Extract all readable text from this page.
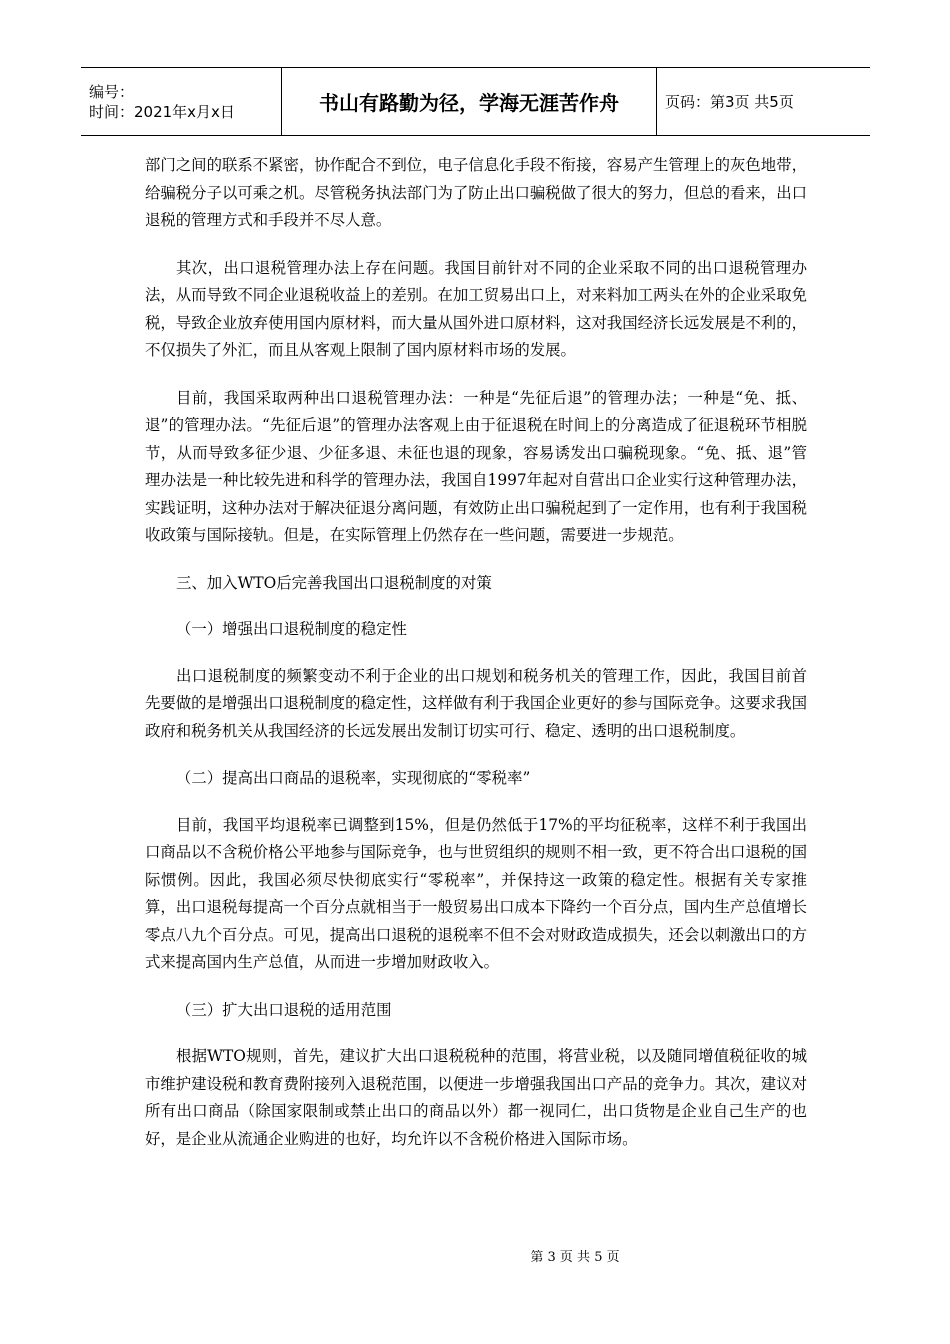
编号：
时间：2021年x月x日	书山有路勤为径，学海无涯苦作舟	页码：第3页 共5页

部门之间的联系不紧密，协作配合不到位，电子信息化手段不衔接，容易产生管理上的灰色地带，给骗税分子以可乘之机。尽管税务执法部门为了防止出口骗税做了很大的努力，但总的看来，出口退税的管理方式和手段并不尽人意。

其次，出口退税管理办法上存在问题。我国目前针对不同的企业采取不同的出口退税管理办法，从而导致不同企业退税收益上的差别。在加工贸易出口上，对来料加工两头在外的企业采取免税，导致企业放弃使用国内原材料，而大量从国外进口原材料，这对我国经济长远发展是不利的，不仅损失了外汇，而且从客观上限制了国内原材料市场的发展。

目前，我国采取两种出口退税管理办法：一种是“先征后退”的管理办法；一种是“免、抵、退”的管理办法。“先征后退”的管理办法客观上由于征退税在时间上的分离造成了征退税环节相脱节，从而导致多征少退、少征多退、未征也退的现象，容易诱发出口骗税现象。“免、抵、退”管理办法是一种比较先进和科学的管理办法，我国自1997年起对自营出口企业实行这种管理办法，实践证明，这种办法对于解决征退分离问题，有效防止出口骗税起到了一定作用，也有利于我国税收政策与国际接轨。但是，在实际管理上仍然存在一些问题，需要进一步规范。

三、加入WTO后完善我国出口退税制度的对策

（一）增强出口退税制度的稳定性

出口退税制度的频繁变动不利于企业的出口规划和税务机关的管理工作，因此，我国目前首先要做的是增强出口退税制度的稳定性，这样做有利于我国企业更好的参与国际竞争。这要求我国政府和税务机关从我国经济的长远发展出发制订切实可行、稳定、透明的出口退税制度。

（二）提高出口商品的退税率，实现彻底的“零税率”

目前，我国平均退税率已调整到15%，但是仍然低于17%的平均征税率，这样不利于我国出口商品以不含税价格公平地参与国际竞争，也与世贸组织的规则不相一致，更不符合出口退税的国际惯例。因此，我国必须尽快彻底实行“零税率”，并保持这一政策的稳定性。根据有关专家推算，出口退税每提高一个百分点就相当于一般贸易出口成本下降约一个百分点，国内生产总值增长零点八九个百分点。可见，提高出口退税的退税率不但不会对财政造成损失，还会以刺激出口的方式来提高国内生产总值，从而进一步增加财政收入。

（三）扩大出口退税的适用范围

根据WTO规则，首先，建议扩大出口退税税种的范围，将营业税，以及随同增值税征收的城市维护建设税和教育费附接列入退税范围，以便进一步增强我国出口产品的竞争力。其次，建议对所有出口商品（除国家限制或禁止出口的商品以外）都一视同仁，出口货物是企业自己生产的也好，是企业从流通企业购进的也好，均允许以不含税价格进入国际市场。

第 3 页 共 5 页
